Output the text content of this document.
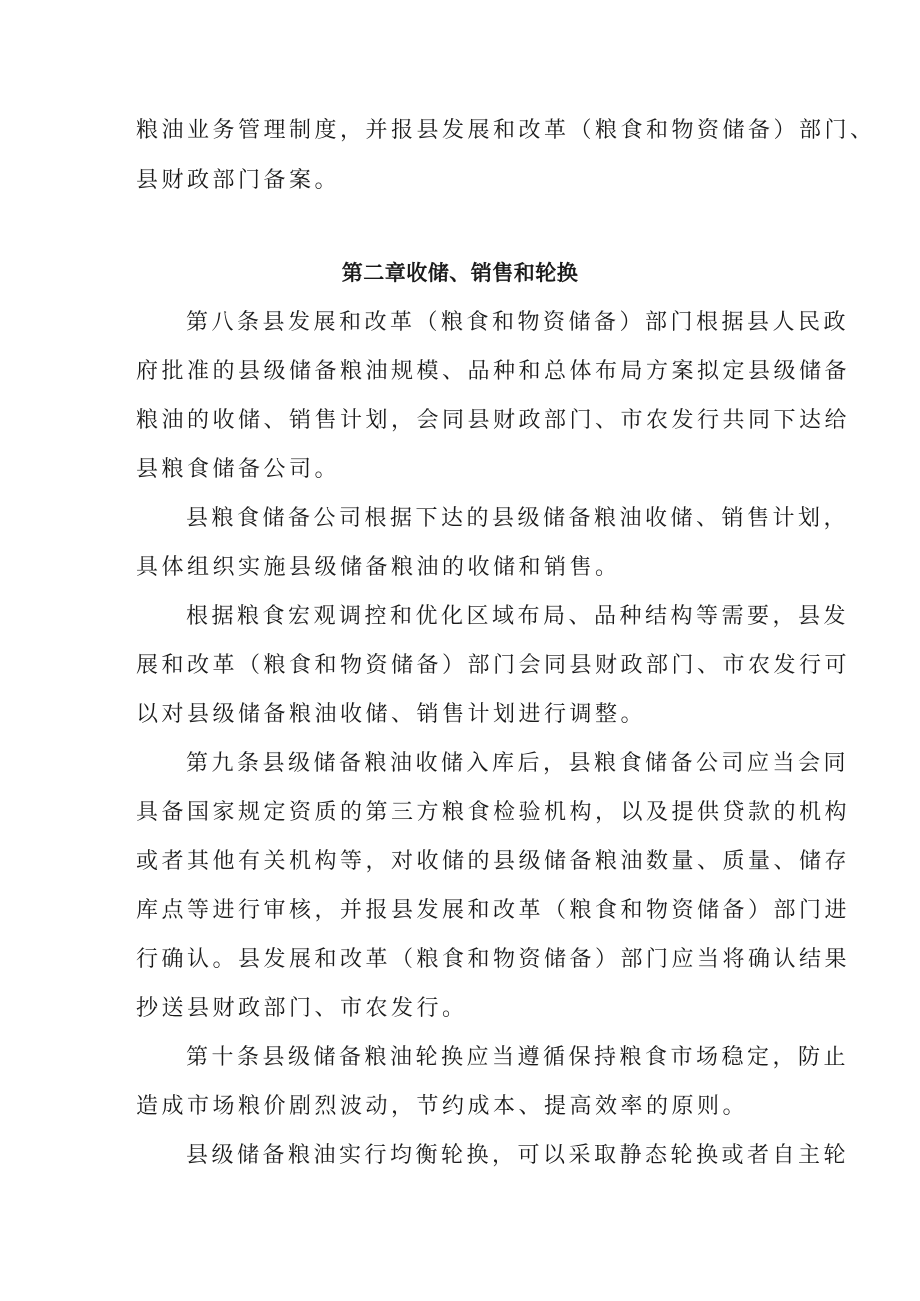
粮油业务管理制度，并报县发展和改革（粮食和物资储备）部门、

县财政部门备案。

第二章收储、销售和轮换

第八条县发展和改革（粮食和物资储备）部门根据县人民政

府批准的县级储备粮油规模、品种和总体布局方案拟定县级储备

粮油的收储、销售计划，会同县财政部门、市农发行共同下达给

县粮食储备公司。

县粮食储备公司根据下达的县级储备粮油收储、销售计划，

具体组织实施县级储备粮油的收储和销售。

根据粮食宏观调控和优化区域布局、品种结构等需要，县发

展和改革（粮食和物资储备）部门会同县财政部门、市农发行可

以对县级储备粮油收储、销售计划进行调整。

第九条县级储备粮油收储入库后，县粮食储备公司应当会同

具备国家规定资质的第三方粮食检验机构，以及提供贷款的机构

或者其他有关机构等，对收储的县级储备粮油数量、质量、储存

库点等进行审核，并报县发展和改革（粮食和物资储备）部门进

行确认。县发展和改革（粮食和物资储备）部门应当将确认结果

抄送县财政部门、市农发行。

第十条县级储备粮油轮换应当遵循保持粮食市场稳定，防止

造成市场粮价剧烈波动，节约成本、提高效率的原则。

县级储备粮油实行均衡轮换，可以采取静态轮换或者自主轮
